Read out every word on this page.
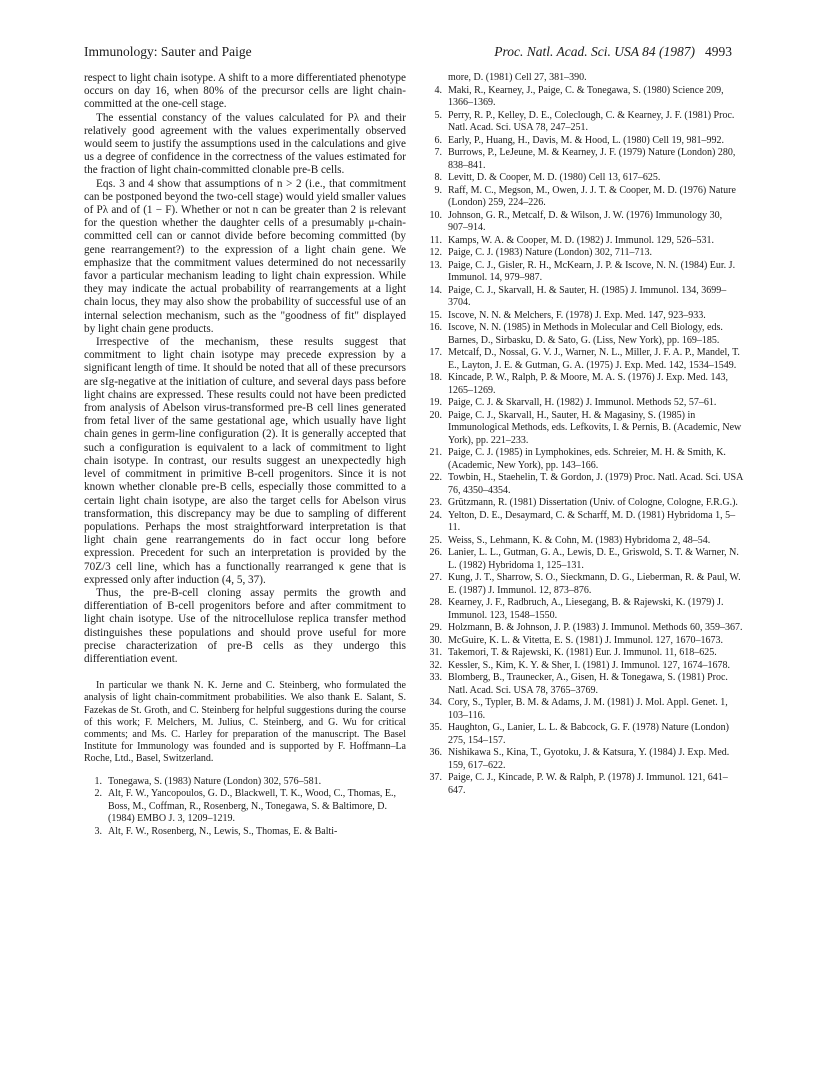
Immunology: Sauter and Paige	Proc. Natl. Acad. Sci. USA 84 (1987) 4993

respect to light chain isotype. A shift to a more differentiated phenotype occurs on day 16, when 80% of the precursor cells are light chain-committed at the one-cell stage.

The essential constancy of the values calculated for Pλ and their relatively good agreement with the values experimentally observed would seem to justify the assumptions used in the calculations and give us a degree of confidence in the correctness of the values estimated for the fraction of light chain-committed clonable pre-B cells.

Eqs. 3 and 4 show that assumptions of n > 2 (i.e., that commitment can be postponed beyond the two-cell stage) would yield smaller values of Pλ and of (1 − F). Whether or not n can be greater than 2 is relevant for the question whether the daughter cells of a presumably μ-chain-committed cell can or cannot divide before becoming committed (by gene rearrangement?) to the expression of a light chain gene. We emphasize that the commitment values determined do not necessarily favor a particular mechanism leading to light chain expression. While they may indicate the actual probability of rearrangements at a light chain locus, they may also show the probability of successful use of an internal selection mechanism, such as the "goodness of fit" displayed by light chain gene products.

Irrespective of the mechanism, these results suggest that commitment to light chain isotype may precede expression by a significant length of time. It should be noted that all of these precursors are sIg-negative at the initiation of culture, and several days pass before light chains are expressed. These results could not have been predicted from analysis of Abelson virus-transformed pre-B cell lines generated from fetal liver of the same gestational age, which usually have light chain genes in germ-line configuration (2). It is generally accepted that such a configuration is equivalent to a lack of commitment to light chain isotype. In contrast, our results suggest an unexpectedly high level of commitment in primitive B-cell progenitors. Since it is not known whether clonable pre-B cells, especially those committed to a certain light chain isotype, are also the target cells for Abelson virus transformation, this discrepancy may be due to sampling of different populations. Perhaps the most straightforward interpretation is that light chain gene rearrangements do in fact occur long before expression. Precedent for such an interpretation is provided by the 70Z/3 cell line, which has a functionally rearranged κ gene that is expressed only after induction (4, 5, 37).

Thus, the pre-B-cell cloning assay permits the growth and differentiation of B-cell progenitors before and after commitment to light chain isotype. Use of the nitrocellulose replica transfer method distinguishes these populations and should prove useful for more precise characterization of pre-B cells as they undergo this differentiation event.

In particular we thank N. K. Jerne and C. Steinberg, who formulated the analysis of light chain-commitment probabilities. We also thank E. Salant, S. Fazekas de St. Groth, and C. Steinberg for helpful suggestions during the course of this work; F. Melchers, M. Julius, C. Steinberg, and G. Wu for critical comments; and Ms. C. Harley for preparation of the manuscript. The Basel Institute for Immunology was founded and is supported by F. Hoffmann–La Roche, Ltd., Basel, Switzerland.

1. Tonegawa, S. (1983) Nature (London) 302, 576–581.
2. Alt, F. W., Yancopoulos, G. D., Blackwell, T. K., Wood, C., Thomas, E., Boss, M., Coffman, R., Rosenberg, N., Tonegawa, S. & Baltimore, D. (1984) EMBO J. 3, 1209–1219.
3. Alt, F. W., Rosenberg, N., Lewis, S., Thomas, E. & Balti-
more, D. (1981) Cell 27, 381–390.
4. Maki, R., Kearney, J., Paige, C. & Tonegawa, S. (1980) Science 209, 1366–1369.
5. Perry, R. P., Kelley, D. E., Coleclough, C. & Kearney, J. F. (1981) Proc. Natl. Acad. Sci. USA 78, 247–251.
6. Early, P., Huang, H., Davis, M. & Hood, L. (1980) Cell 19, 981–992.
7. Burrows, P., LeJeune, M. & Kearney, J. F. (1979) Nature (London) 280, 838–841.
8. Levitt, D. & Cooper, M. D. (1980) Cell 13, 617–625.
9. Raff, M. C., Megson, M., Owen, J. J. T. & Cooper, M. D. (1976) Nature (London) 259, 224–226.
10. Johnson, G. R., Metcalf, D. & Wilson, J. W. (1976) Immunology 30, 907–914.
11. Kamps, W. A. & Cooper, M. D. (1982) J. Immunol. 129, 526–531.
12. Paige, C. J. (1983) Nature (London) 302, 711–713.
13. Paige, C. J., Gisler, R. H., McKearn, J. P. & Iscove, N. N. (1984) Eur. J. Immunol. 14, 979–987.
14. Paige, C. J., Skarvall, H. & Sauter, H. (1985) J. Immunol. 134, 3699–3704.
15. Iscove, N. N. & Melchers, F. (1978) J. Exp. Med. 147, 923–933.
16. Iscove, N. N. (1985) in Methods in Molecular and Cell Biology, eds. Barnes, D., Sirbasku, D. & Sato, G. (Liss, New York), pp. 169–185.
17. Metcalf, D., Nossal, G. V. J., Warner, N. L., Miller, J. F. A. P., Mandel, T. E., Layton, J. E. & Gutman, G. A. (1975) J. Exp. Med. 142, 1534–1549.
18. Kincade, P. W., Ralph, P. & Moore, M. A. S. (1976) J. Exp. Med. 143, 1265–1269.
19. Paige, C. J. & Skarvall, H. (1982) J. Immunol. Methods 52, 57–61.
20. Paige, C. J., Skarvall, H., Sauter, H. & Magasiny, S. (1985) in Immunological Methods, eds. Lefkovits, I. & Pernis, B. (Academic, New York), pp. 221–233.
21. Paige, C. J. (1985) in Lymphokines, eds. Schreier, M. H. & Smith, K. (Academic, New York), pp. 143–166.
22. Towbin, H., Staehelin, T. & Gordon, J. (1979) Proc. Natl. Acad. Sci. USA 76, 4350–4354.
23. Grützmann, R. (1981) Dissertation (Univ. of Cologne, Cologne, F.R.G.).
24. Yelton, D. E., Desaymard, C. & Scharff, M. D. (1981) Hybridoma 1, 5–11.
25. Weiss, S., Lehmann, K. & Cohn, M. (1983) Hybridoma 2, 48–54.
26. Lanier, L. L., Gutman, G. A., Lewis, D. E., Griswold, S. T. & Warner, N. L. (1982) Hybridoma 1, 125–131.
27. Kung, J. T., Sharrow, S. O., Sieckmann, D. G., Lieberman, R. & Paul, W. E. (1987) J. Immunol. 12, 873–876.
28. Kearney, J. F., Radbruch, A., Liesegang, B. & Rajewski, K. (1979) J. Immunol. 123, 1548–1550.
29. Holzmann, B. & Johnson, J. P. (1983) J. Immunol. Methods 60, 359–367.
30. McGuire, K. L. & Vitetta, E. S. (1981) J. Immunol. 127, 1670–1673.
31. Takemori, T. & Rajewski, K. (1981) Eur. J. Immunol. 11, 618–625.
32. Kessler, S., Kim, K. Y. & Sher, I. (1981) J. Immunol. 127, 1674–1678.
33. Blomberg, B., Traunecker, A., Gisen, H. & Tonegawa, S. (1981) Proc. Natl. Acad. Sci. USA 78, 3765–3769.
34. Cory, S., Typler, B. M. & Adams, J. M. (1981) J. Mol. Appl. Genet. 1, 103–116.
35. Haughton, G., Lanier, L. L. & Babcock, G. F. (1978) Nature (London) 275, 154–157.
36. Nishikawa S., Kina, T., Gyotoku, J. & Katsura, Y. (1984) J. Exp. Med. 159, 617–622.
37. Paige, C. J., Kincade, P. W. & Ralph, P. (1978) J. Immunol. 121, 641–647.
